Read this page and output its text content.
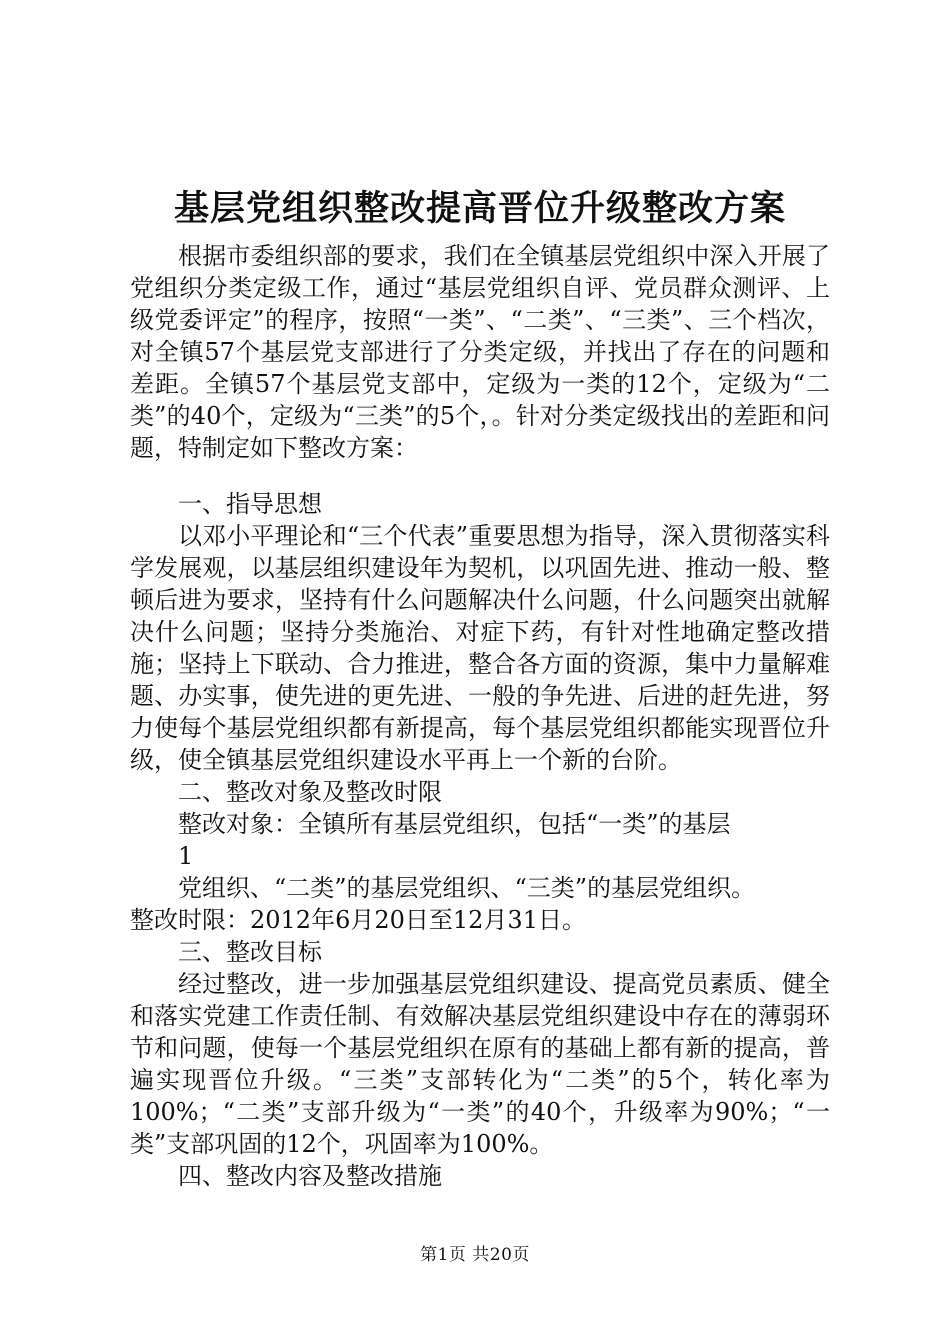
基层党组织整改提高晋位升级整改方案

根据市委组织部的要求，我们在全镇基层党组织中深入开展了党组织分类定级工作，通过“基层党组织自评、党员群众测评、上级党委评定”的程序，按照“一类”、“二类”、“三类”、三个档次，对全镇57个基层党支部进行了分类定级，并找出了存在的问题和差距。全镇57个基层党支部中，定级为一类的12个，定级为“二类”的40个，定级为“三类”的5个，。针对分类定级找出的差距和问题，特制定如下整改方案：

一、指导思想

以邓小平理论和“三个代表”重要思想为指导，深入贯彻落实科学发展观，以基层组织建设年为契机，以巩固先进、推动一般、整顿后进为要求，坚持有什么问题解决什么问题，什么问题突出就解决什么问题；坚持分类施治、对症下药，有针对性地确定整改措施；坚持上下联动、合力推进，整合各方面的资源，集中力量解难题、办实事，使先进的更先进、一般的争先进、后进的赶先进，努力使每个基层党组织都有新提高，每个基层党组织都能实现晋位升级，使全镇基层党组织建设水平再上一个新的台阶。

二、整改对象及整改时限

整改对象：全镇所有基层党组织，包括“一类”的基层

1

党组织、“二类”的基层党组织、“三类”的基层党组织。

整改时限：2012年6月20日至12月31日。

三、整改目标

经过整改，进一步加强基层党组织建设、提高党员素质、健全和落实党建工作责任制、有效解决基层党组织建设中存在的薄弱环节和问题，使每一个基层党组织在原有的基础上都有新的提高，普遍实现晋位升级。“三类”支部转化为“二类”的5个，转化率为100%；“二类”支部升级为“一类”的40个，升级率为90%；“一类”支部巩固的12个，巩固率为100%。

四、整改内容及整改措施

第1页 共20页
